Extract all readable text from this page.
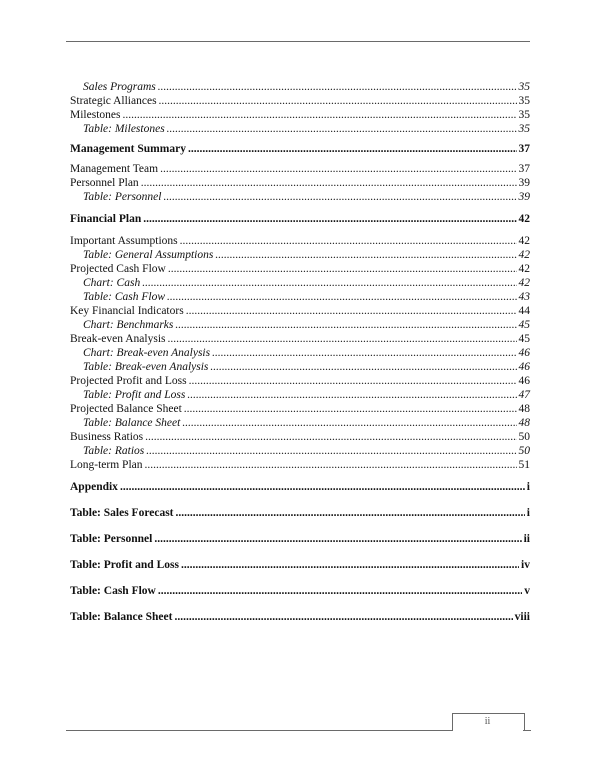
Sales Programs .....	35
Strategic Alliances .....	35
Milestones .....	35
Table: Milestones .....	35
Management Summary .....	37
Management Team .....	37
Personnel Plan .....	39
Table: Personnel .....	39
Financial Plan .....	42
Important Assumptions .....	42
Table: General Assumptions .....	42
Projected Cash Flow .....	42
Chart: Cash .....	42
Table: Cash Flow .....	43
Key Financial Indicators .....	44
Chart: Benchmarks .....	45
Break-even Analysis .....	45
Chart: Break-even Analysis .....	46
Table: Break-even Analysis .....	46
Projected Profit and Loss .....	46
Table: Profit and Loss .....	47
Projected Balance Sheet .....	48
Table: Balance Sheet .....	48
Business Ratios .....	50
Table: Ratios .....	50
Long-term Plan .....	51
Appendix .....	i
Table: Sales Forecast .....	i
Table: Personnel .....	ii
Table: Profit and Loss .....	iv
Table: Cash Flow .....	v
Table: Balance Sheet .....	viii
ii
